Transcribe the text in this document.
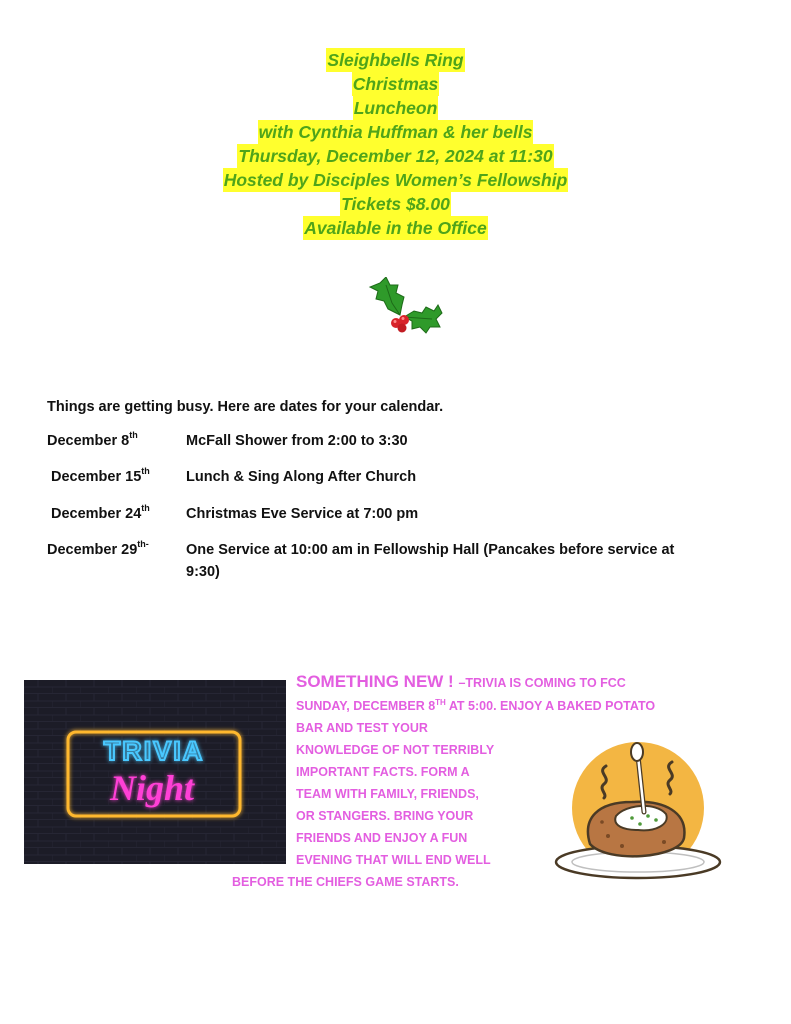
Sleighbells Ring
Christmas
Luncheon
with Cynthia Huffman & her bells
Thursday, December 12, 2024 at 11:30
Hosted by Disciples Women’s Fellowship
Tickets $8.00
Available in the Office
Things are getting busy. Here are dates for your calendar.
December 8th	McFall Shower from 2:00 to 3:30
December 15th Lunch & Sing Along After Church
December 24th Christmas Eve Service at 7:00 pm
December $29^{th-}$	One Service at 10:00 am in Fellowship Hall (Pancakes before service at 9:30)
TRIVIA
Night
SOMETHING NEW ! –TRIVIA IS COMING TO FCC
SUNDAY, DECEMBER 8TH AT 5:00. ENJOY A BAKED POTATO
BAR AND TEST YOUR
KNOWLEDGE OF NOT TERRIBLY
IMPORTANT FACTS. FORM A
TEAM WITH FAMILY, FRIENDS,
OR STANGERS. BRING YOUR
FRIENDS AND ENJOY A FUN
EVENING THAT WILL END WELL
BEFORE THE CHIEFS GAME STARTS.
